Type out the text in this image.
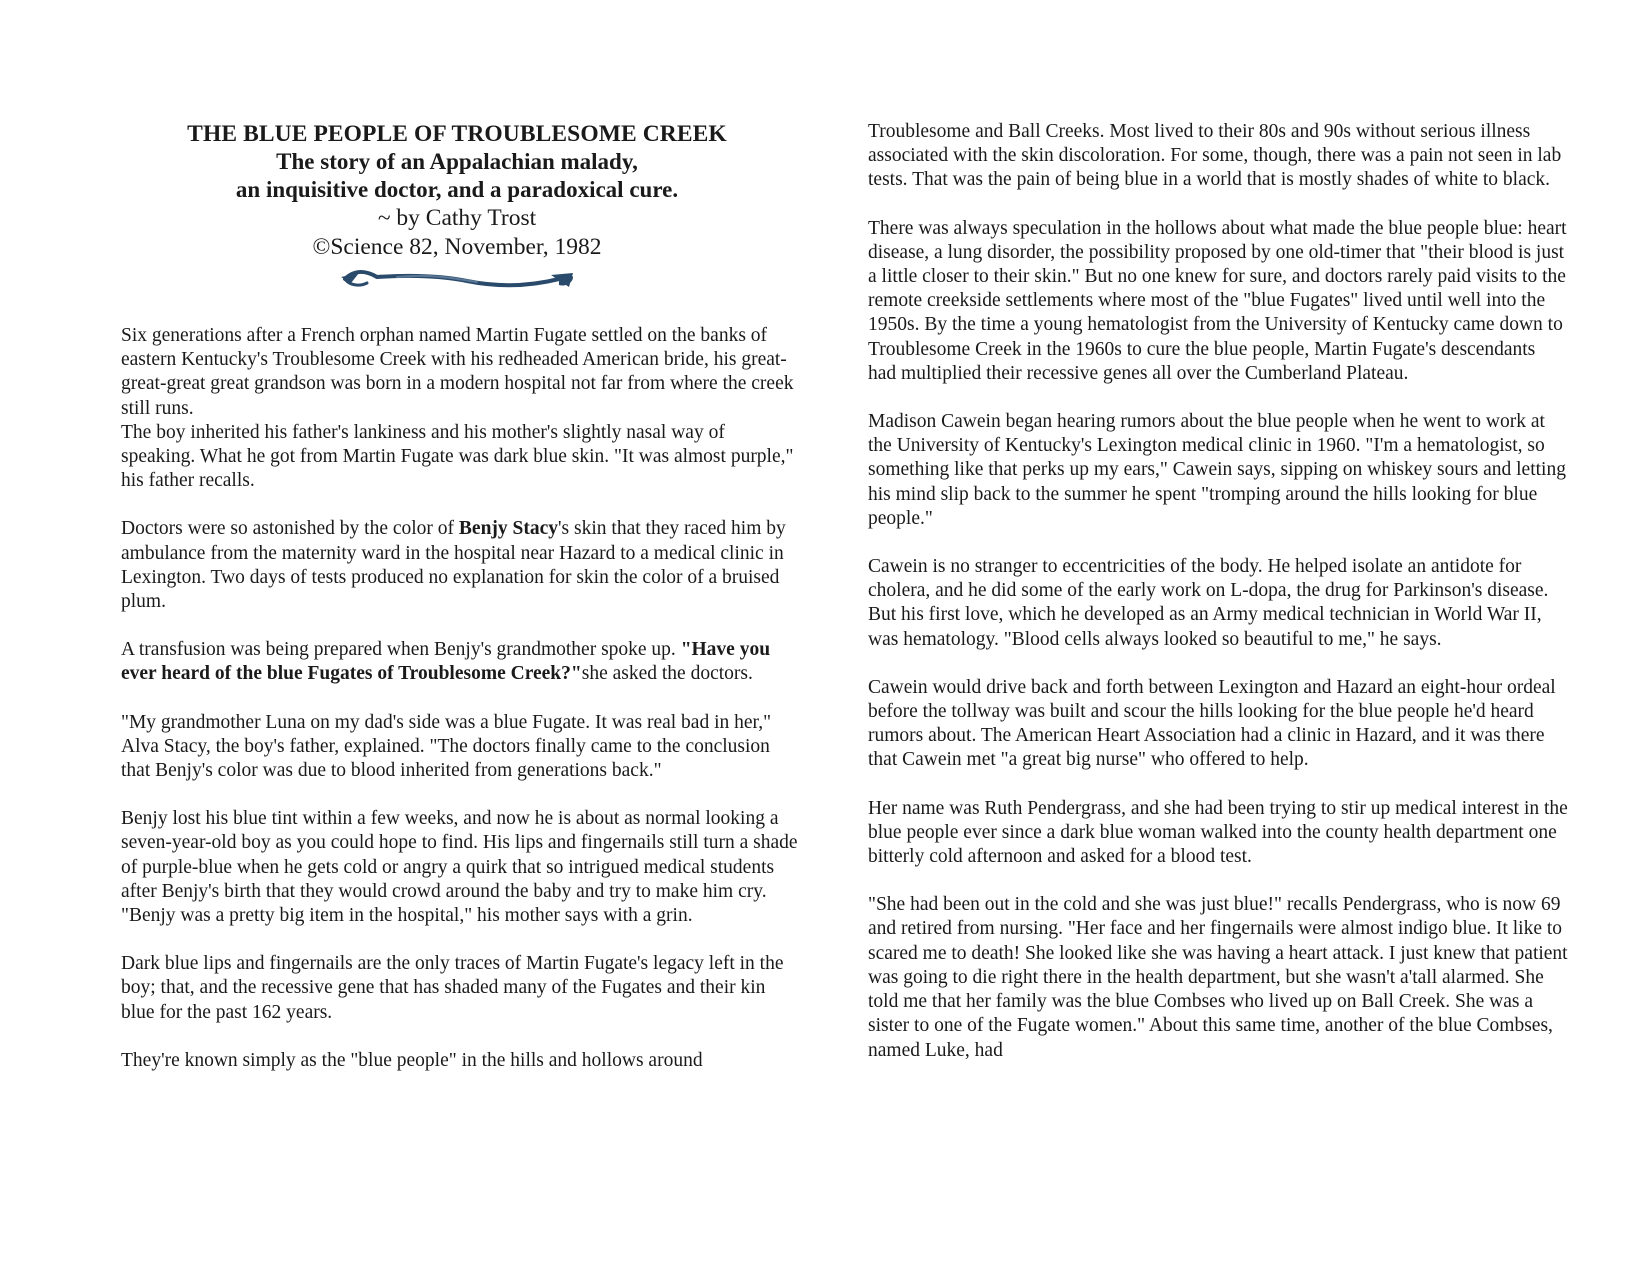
THE BLUE PEOPLE OF TROUBLESOME CREEK
The story of an Appalachian malady,
an inquisitive doctor, and a paradoxical cure.
~ by Cathy Trost
©Science 82, November, 1982

Six generations after a French orphan named Martin Fugate settled on the banks of eastern Kentucky's Troublesome Creek with his redheaded American bride, his great-great-great great grandson was born in a modern hospital not far from where the creek still runs.

The boy inherited his father's lankiness and his mother's slightly nasal way of speaking. What he got from Martin Fugate was dark blue skin. "It was almost purple," his father recalls.

Doctors were so astonished by the color of Benjy Stacy's skin that they raced him by ambulance from the maternity ward in the hospital near Hazard to a medical clinic in Lexington. Two days of tests produced no explanation for skin the color of a bruised plum.

A transfusion was being prepared when Benjy's grandmother spoke up. "Have you ever heard of the blue Fugates of Troublesome Creek?"she asked the doctors.

"My grandmother Luna on my dad's side was a blue Fugate. It was real bad in her," Alva Stacy, the boy's father, explained. "The doctors finally came to the conclusion that Benjy's color was due to blood inherited from generations back."

Benjy lost his blue tint within a few weeks, and now he is about as normal looking a seven-year-old boy as you could hope to find. His lips and fingernails still turn a shade of purple-blue when he gets cold or angry a quirk that so intrigued medical students after Benjy's birth that they would crowd around the baby and try to make him cry. "Benjy was a pretty big item in the hospital," his mother says with a grin.

Dark blue lips and fingernails are the only traces of Martin Fugate's legacy left in the boy; that, and the recessive gene that has shaded many of the Fugates and their kin blue for the past 162 years.

They're known simply as the "blue people" in the hills and hollows around

Troublesome and Ball Creeks. Most lived to their 80s and 90s without serious illness associated with the skin discoloration. For some, though, there was a pain not seen in lab tests. That was the pain of being blue in a world that is mostly shades of white to black.

There was always speculation in the hollows about what made the blue people blue: heart disease, a lung disorder, the possibility proposed by one old-timer that "their blood is just a little closer to their skin." But no one knew for sure, and doctors rarely paid visits to the remote creekside settlements where most of the "blue Fugates" lived until well into the 1950s. By the time a young hematologist from the University of Kentucky came down to Troublesome Creek in the 1960s to cure the blue people, Martin Fugate's descendants had multiplied their recessive genes all over the Cumberland Plateau.

Madison Cawein began hearing rumors about the blue people when he went to work at the University of Kentucky's Lexington medical clinic in 1960. "I'm a hematologist, so something like that perks up my ears," Cawein says, sipping on whiskey sours and letting his mind slip back to the summer he spent "tromping around the hills looking for blue people."

Cawein is no stranger to eccentricities of the body. He helped isolate an antidote for cholera, and he did some of the early work on L-dopa, the drug for Parkinson's disease. But his first love, which he developed as an Army medical technician in World War II, was hematology. "Blood cells always looked so beautiful to me," he says.

Cawein would drive back and forth between Lexington and Hazard an eight-hour ordeal before the tollway was built and scour the hills looking for the blue people he'd heard rumors about. The American Heart Association had a clinic in Hazard, and it was there that Cawein met "a great big nurse" who offered to help.

Her name was Ruth Pendergrass, and she had been trying to stir up medical interest in the blue people ever since a dark blue woman walked into the county health department one bitterly cold afternoon and asked for a blood test.

"She had been out in the cold and she was just blue!" recalls Pendergrass, who is now 69 and retired from nursing. "Her face and her fingernails were almost indigo blue. It like to scared me to death! She looked like she was having a heart attack. I just knew that patient was going to die right there in the health department, but she wasn't a'tall alarmed. She told me that her family was the blue Combses who lived up on Ball Creek. She was a sister to one of the Fugate women." About this same time, another of the blue Combses, named Luke, had
